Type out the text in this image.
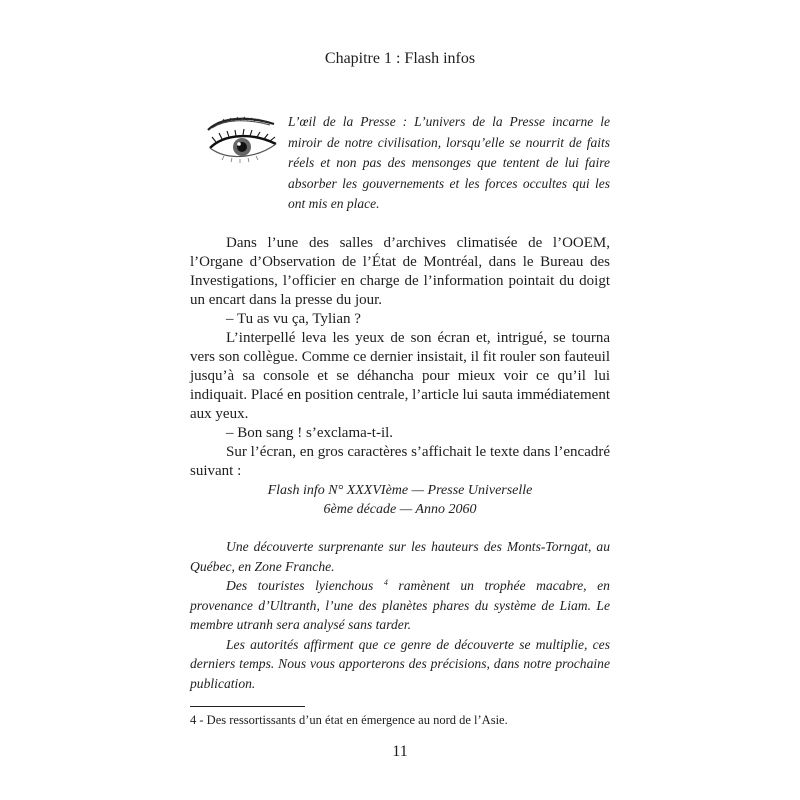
Chapitre 1 : Flash infos

L’œil de la Presse : L’univers de la Presse incarne le miroir de notre civilisation, lorsqu’elle se nourrit de faits réels et non pas des mensonges que tentent de lui faire absorber les gouvernements et les forces occultes qui les ont mis en place.

Dans l’une des salles d’archives climatisée de l’OOEM, l’Organe d’Observation de l’État de Montréal, dans le Bureau des Investigations, l’officier en charge de l’information pointait du doigt un encart dans la presse du jour.

– Tu as vu ça, Tylian ?

L’interpellé leva les yeux de son écran et, intrigué, se tourna vers son collègue. Comme ce dernier insistait, il fit rouler son fauteuil jusqu’à sa console et se déhancha pour mieux voir ce qu’il lui indiquait. Placé en position centrale, l’article lui sauta immédiatement aux yeux.

– Bon sang ! s’exclama-t-il.

Sur l’écran, en gros caractères s’affichait le texte dans l’encadré suivant :

Flash info N° XXXVIème — Presse Universelle
6ème décade — Anno 2060

Une découverte surprenante sur les hauteurs des Monts-Torngat, au Québec, en Zone Franche.

Des touristes lyienchous $^4$ ramènent un trophée macabre, en provenance d’Ultranth, l’une des planètes phares du système de Liam. Le membre utranh sera analysé sans tarder.

Les autorités affirment que ce genre de découverte se multiplie, ces derniers temps. Nous vous apporterons des précisions, dans notre prochaine publication.

4 - Des ressortissants d’un état en émergence au nord de l’Asie.
11
